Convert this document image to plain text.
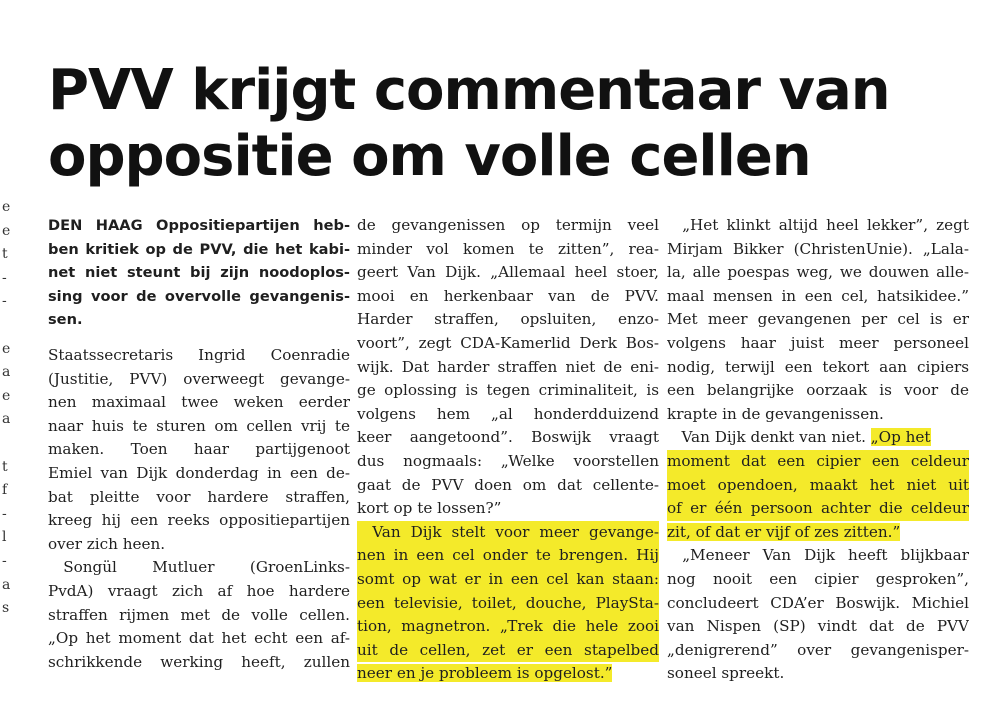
PVV krijgt commentaar van
oppositie om volle cellen
e
e
t
-
-
e
a
e
a
t
f
-
l
-
a
s
DEN HAAG Oppositiepartijen heb-
ben kritiek op de PVV, die het kabi-
net niet steunt bij zijn noodoplos-
sing voor de overvolle gevangenis-
sen.
Staatssecretaris Ingrid Coenradie
(Justitie, PVV) overweegt gevange-
nen maximaal twee weken eerder
naar huis te sturen om cellen vrij te
maken. Toen haar partijgenoot
Emiel van Dijk donderdag in een de-
bat pleitte voor hardere straffen,
kreeg hij een reeks oppositiepartijen
over zich heen.
 Songül Mutluer (GroenLinks-
PvdA) vraagt zich af hoe hardere
straffen rijmen met de volle cellen.
„Op het moment dat het echt een af-
schrikkende werking heeft, zullen
de gevangenissen op termijn veel
minder vol komen te zitten”, rea-
geert Van Dijk. „Allemaal heel stoer,
mooi en herkenbaar van de PVV.
Harder straffen, opsluiten, enzo-
voort”, zegt CDA-Kamerlid Derk Bos-
wijk. Dat harder straffen niet de eni-
ge oplossing is tegen criminaliteit, is
volgens hem „al honderdduizend
keer aangetoond”. Boswijk vraagt
dus nogmaals: „Welke voorstellen
gaat de PVV doen om dat cellente-
kort op te lossen?”
 Van Dijk stelt voor meer gevange-
nen in een cel onder te brengen. Hij
somt op wat er in een cel kan staan:
een televisie, toilet, douche, PlaySta-
tion, magnetron. „Trek die hele zooi
uit de cellen, zet er een stapelbed
neer en je probleem is opgelost.”
 „Het klinkt altijd heel lekker”, zegt
Mirjam Bikker (ChristenUnie). „Lala-
la, alle poespas weg, we douwen alle-
maal mensen in een cel, hatsikidee.”
Met meer gevangenen per cel is er
volgens haar juist meer personeel
nodig, terwijl een tekort aan cipiers
een belangrijke oorzaak is voor de
krapte in de gevangenissen.
Van Dijk denkt van niet. „Op het
moment dat een cipier een celdeur
moet opendoen, maakt het niet uit
of er één persoon achter die celdeur
zit, of dat er vijf of zes zitten.”
 „Meneer Van Dijk heeft blijkbaar
nog nooit een cipier gesproken”,
concludeert CDA’er Boswijk. Michiel
van Nispen (SP) vindt dat de PVV
„denigrerend” over gevangenisper-
soneel spreekt.
